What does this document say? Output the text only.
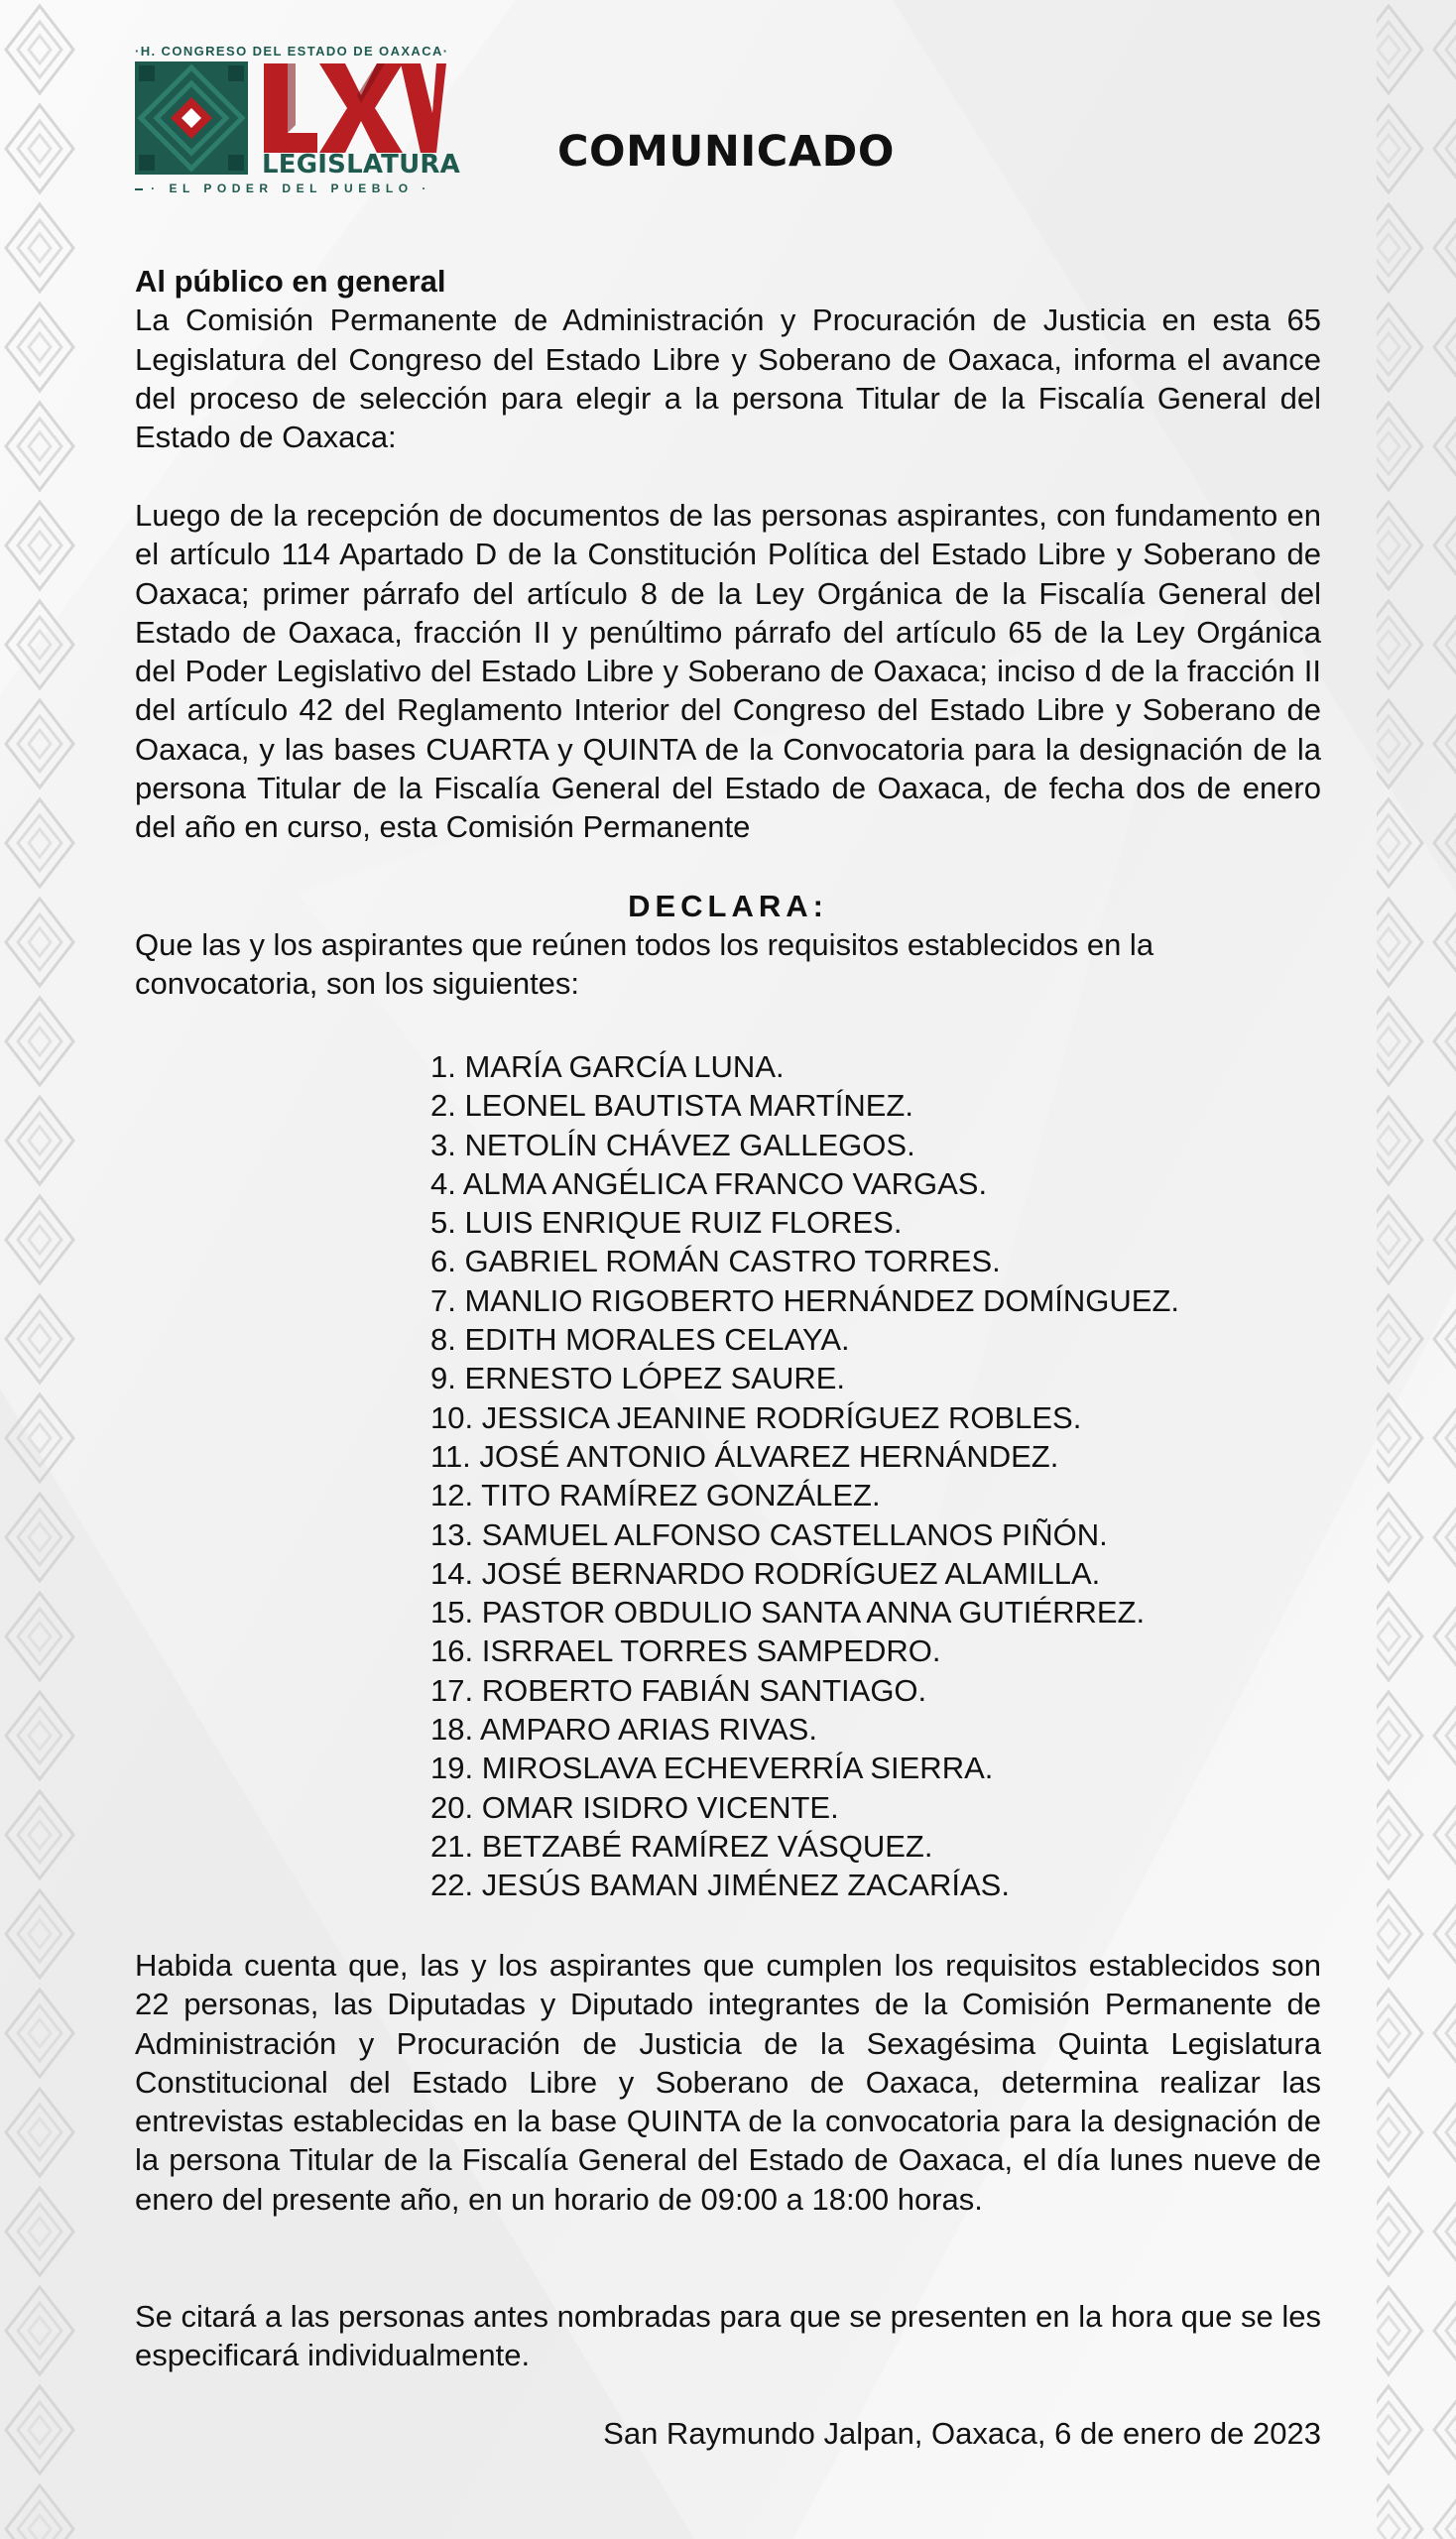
·H. CONGRESO DEL ESTADO DE OAXACA·
LEGISLATURA
· EL PODER DEL PUEBLO ·
COMUNICADO
Al público en general
La Comisión Permanente de Administración y Procuración de Justicia en esta 65 Legislatura del Congreso del Estado Libre y Soberano de Oaxaca, informa el avance del proceso de selección para elegir a la persona Titular de la Fiscalía General del Estado de Oaxaca:
Luego de la recepción de documentos de las personas aspirantes, con fundamento en el artículo 114 Apartado D de la Constitución Política del Estado Libre y Soberano de Oaxaca; primer párrafo del artículo 8 de la Ley Orgánica de la Fiscalía General del Estado de Oaxaca, fracción II y penúltimo párrafo del artículo 65 de la Ley Orgánica del Poder Legislativo del Estado Libre y Soberano de Oaxaca; inciso d de la fracción II del artículo 42 del Reglamento Interior del Congreso del Estado Libre y Soberano de Oaxaca, y las bases CUARTA y QUINTA de la Convocatoria para la designación de la persona Titular de la Fiscalía General del Estado de Oaxaca, de fecha dos de enero del año en curso, esta Comisión Permanente
DECLARA:
Que las y los aspirantes que reúnen todos los requisitos establecidos en la convocatoria, son los siguientes:
1. MARÍA GARCÍA LUNA.
2. LEONEL BAUTISTA MARTÍNEZ.
3. NETOLÍN CHÁVEZ GALLEGOS.
4. ALMA ANGÉLICA FRANCO VARGAS.
5. LUIS ENRIQUE RUIZ FLORES.
6. GABRIEL ROMÁN CASTRO TORRES.
7. MANLIO RIGOBERTO HERNÁNDEZ DOMÍNGUEZ.
8. EDITH MORALES CELAYA.
9. ERNESTO LÓPEZ SAURE.
10. JESSICA JEANINE RODRÍGUEZ ROBLES.
11. JOSÉ ANTONIO ÁLVAREZ HERNÁNDEZ.
12. TITO RAMÍREZ GONZÁLEZ.
13. SAMUEL ALFONSO CASTELLANOS PIÑÓN.
14. JOSÉ BERNARDO RODRÍGUEZ ALAMILLA.
15. PASTOR OBDULIO SANTA ANNA GUTIÉRREZ.
16. ISRRAEL TORRES SAMPEDRO.
17. ROBERTO FABIÁN SANTIAGO.
18. AMPARO ARIAS RIVAS.
19. MIROSLAVA ECHEVERRÍA SIERRA.
20. OMAR ISIDRO VICENTE.
21. BETZABÉ RAMÍREZ VÁSQUEZ.
22. JESÚS BAMAN JIMÉNEZ ZACARÍAS.
Habida cuenta que, las y los aspirantes que cumplen los requisitos establecidos son 22 personas, las Diputadas y Diputado integrantes de la Comisión Permanente de Administración y Procuración de Justicia de la Sexagésima Quinta Legislatura Constitucional del Estado Libre y Soberano de Oaxaca, determina realizar las entrevistas establecidas en la base QUINTA de la convocatoria para la designación de la persona Titular de la Fiscalía General del Estado de Oaxaca, el día lunes nueve de enero del presente año, en un horario de 09:00 a 18:00 horas.
Se citará a las personas antes nombradas para que se presenten en la hora que se les especificará individualmente.
San Raymundo Jalpan, Oaxaca, 6 de enero de 2023
